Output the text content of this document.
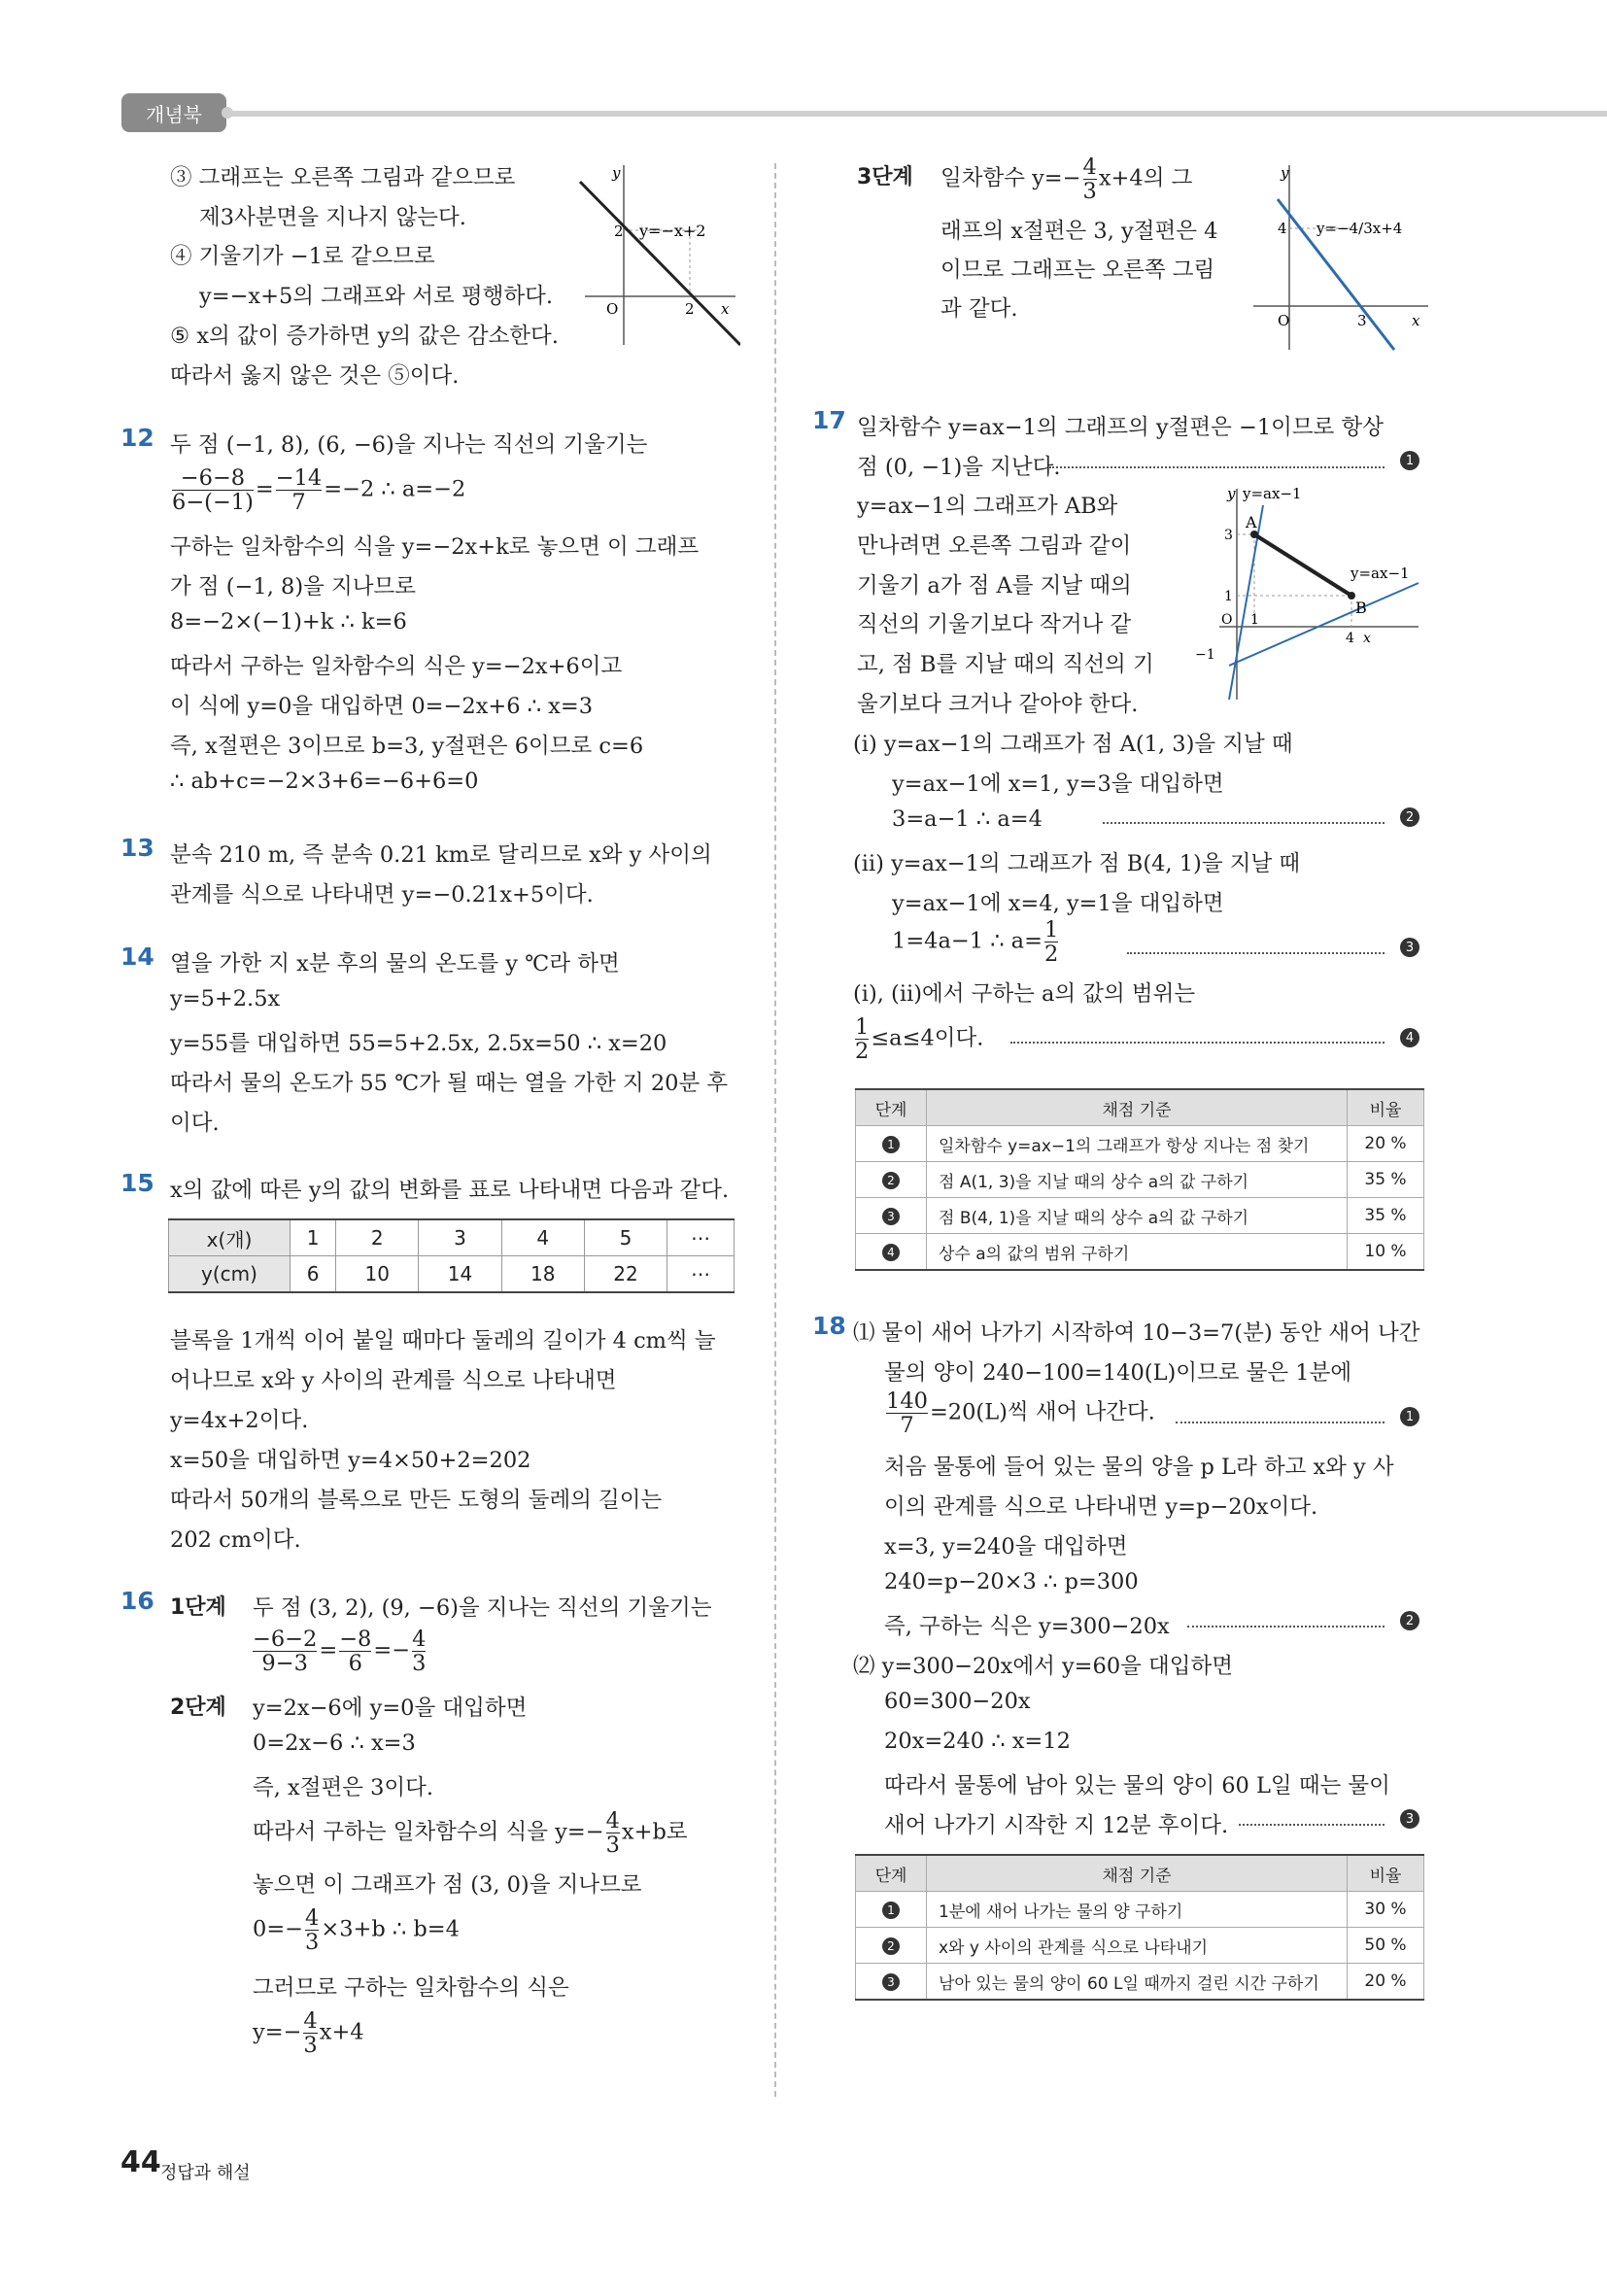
개념북
③ 그래프는 오른쪽 그림과 같으므로
제3사분면을 지나지 않는다.
④ 기울기가 −1로 같으므로
y=−x+5의 그래프와 서로 평행하다.
⑤ x의 값이 증가하면 y의 값은 감소한다.
따라서 옳지 않은 것은 ⑤이다.
2
O	2 x
y
y=−x+2
12 두 점 (−1, 8), (6, −6)을 지나는 직선의 기울기는
$\frac{-6-8}{6-(-1)} = \frac{-14}{7} =-2$ ∴ a=−2
구하는 일차함수의 식을 y=−2x+k로 놓으면 이 그래프
가 점 (−1, 8)을 지나므로
8=−2×(−1)+k ∴ k=6
따라서 구하는 일차함수의 식은 y=−2x+6이고
이 식에 y=0을 대입하면 0=−2x+6 ∴ x=3
즉, x절편은 3이므로 b=3, y절편은 6이므로 c=6
∴ ab+c=−2×3+6=−6+6=0
13 분속 210 m, 즉 분속 0.21 km로 달리므로 x와 y 사이의
관계를 식으로 나타내면 y=−0.21x+5이다.
14 열을 가한 지 x분 후의 물의 온도를 y ℃라 하면
y=5+2.5x
y=55를 대입하면 55=5+2.5x, 2.5x=50 ∴ x=20
따라서 물의 온도가 55 ℃가 될 때는 열을 가한 지 20분 후
이다.
15 x의 값에 따른 y의 값의 변화를 표로 나타내면 다음과 같다.
x(개)	1	2	3	4	5	⋯
y(cm)	6	10	14	18	22	⋯
블록을 1개씩 이어 붙일 때마다 둘레의 길이가 4 cm씩 늘
어나므로 x와 y 사이의 관계를 식으로 나타내면
y=4x+2이다.
x=50을 대입하면 y=4×50+2=202
따라서 50개의 블록으로 만든 도형의 둘레의 길이는
202 cm이다.
16 1단계 두 점 (3, 2), (9, −6)을 지나는 직선의 기울기는
$\frac{-6-2}{9-3} = \frac{-8}{6} =- \frac{4}{3}$
2단계 y=2x−6에 y=0을 대입하면
0=2x−6 ∴ x=3
즉, x절편은 3이다.
따라서 구하는 일차함수의 식을 $y=- \frac{4}{3} x+b$로
놓으면 이 그래프가 점 (3, 0)을 지나므로
$0=- \frac{4}{3} \times 3+b$ ∴ b=4
그러므로 구하는 일차함수의 식은
$y=- \frac{4}{3} x+4$
3단계 일차함수 $y=- \frac{4}{3} x+4$의 그
래프의 x절편은 3, y절편은 4
이므로 그래프는 오른쪽 그림
과 같다.
4
O	3	x
y
y=−4/3x+4
17 일차함수 y=ax−1의 그래프의 y절편은 −1이므로 항상
점 (0, −1)을 지난다.	1
y=ax−1의 그래프가 AB와
만나려면 오른쪽 그림과 같이
기울기 a가 점 A를 지날 때의
직선의 기울기보다 작거나 같
고, 점 B를 지날 때의 직선의 기
울기보다 크거나 같아야 한다.
y y=ax−1
y=ax−1
A
B
3
1
O 1
4 x
−1
(ⅰ) y=ax−1의 그래프가 점 A(1, 3)을 지날 때
y=ax−1에 x=1, y=3을 대입하면
3=a−1 ∴ a=4	2
(ⅱ) y=ax−1의 그래프가 점 B(4, 1)을 지날 때
y=ax−1에 x=4, y=1을 대입하면
1=4a−1 ∴ $a= \frac{1}{2}$	3
(ⅰ), (ⅱ)에서 구하는 a의 값의 범위는
$\frac{1}{2} \le a\le 4$이다.	4
단계	채점 기준	비율
1	일차함수 y=ax−1의 그래프가 항상 지나는 점 찾기	20 %
2	점 A(1, 3)을 지날 때의 상수 a의 값 구하기	35 %
3	점 B(4, 1)을 지날 때의 상수 a의 값 구하기	35 %
4	상수 a의 값의 범위 구하기	10 %
18 ⑴ 물이 새어 나가기 시작하여 10−3=7(분) 동안 새어 나간
물의 양이 240−100=140(L)이므로 물은 1분에
$\frac{140}{7} =20(L)$씩 새어 나간다.	1
처음 물통에 들어 있는 물의 양을 p L라 하고 x와 y 사
이의 관계를 식으로 나타내면 y=p−20x이다.
x=3, y=240을 대입하면
240=p−20×3 ∴ p=300
즉, 구하는 식은 y=300−20x	2
⑵ y=300−20x에서 y=60을 대입하면
60=300−20x
20x=240 ∴ x=12
따라서 물통에 남아 있는 물의 양이 60 L일 때는 물이
새어 나가기 시작한 지 12분 후이다.	3
단계	채점 기준	비율
1	1분에 새어 나가는 물의 양 구하기	30 %
2	x와 y 사이의 관계를 식으로 나타내기	50 %
3	남아 있는 물의 양이 60 L일 때까지 걸린 시간 구하기	20 %
44 정답과 해설
